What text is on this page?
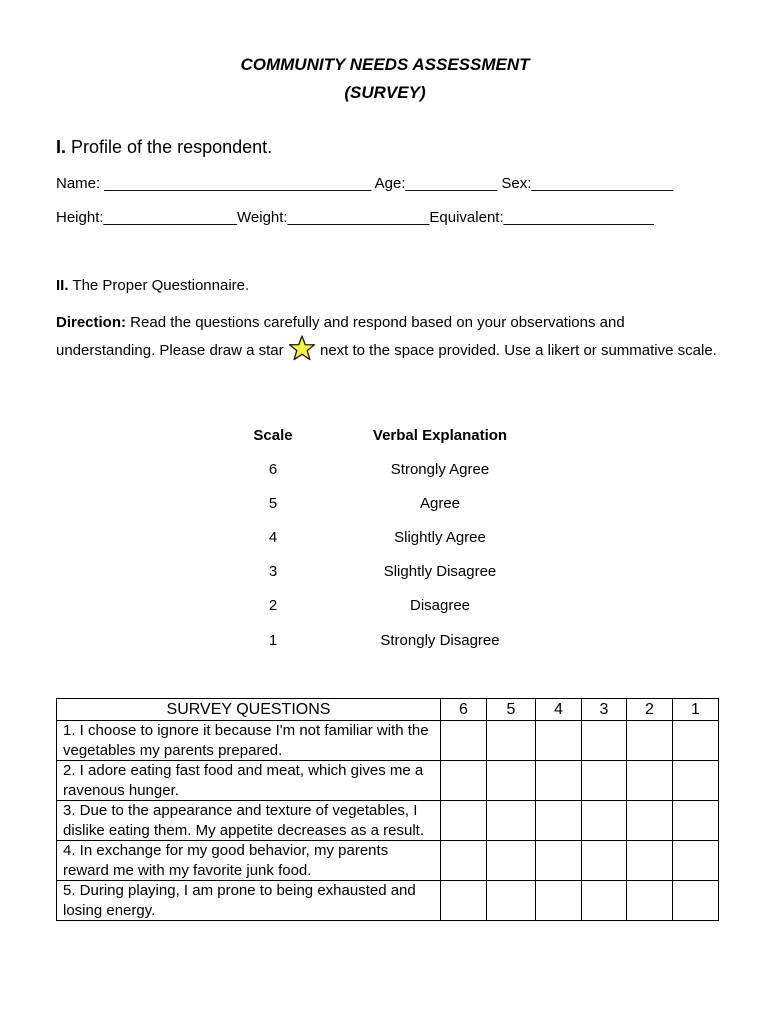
COMMUNITY NEEDS ASSESSMENT
(SURVEY)
I. Profile of the respondent.
Name: ________________________________ Age:___________ Sex:_________________
Height:________________Weight:_________________Equivalent:__________________
II. The Proper Questionnaire.
Direction: Read the questions carefully and respond based on your observations and understanding. Please draw a star  next to the space provided. Use a likert or summative scale.
Scale	Verbal Explanation
6	Strongly Agree
5	Agree
4	Slightly Agree
3	Slightly Disagree
2	Disagree
1	Strongly Disagree
SURVEY QUESTIONS	6	5	4	3	2	1
1. I choose to ignore it because I'm not familiar with the vegetables my parents prepared.						
2. I adore eating fast food and meat, which gives me a ravenous hunger.						
3. Due to the appearance and texture of vegetables, I dislike eating them. My appetite decreases as a result.						
4. In exchange for my good behavior, my parents reward me with my favorite junk food.						
5. During playing, I am prone to being exhausted and losing energy.						
